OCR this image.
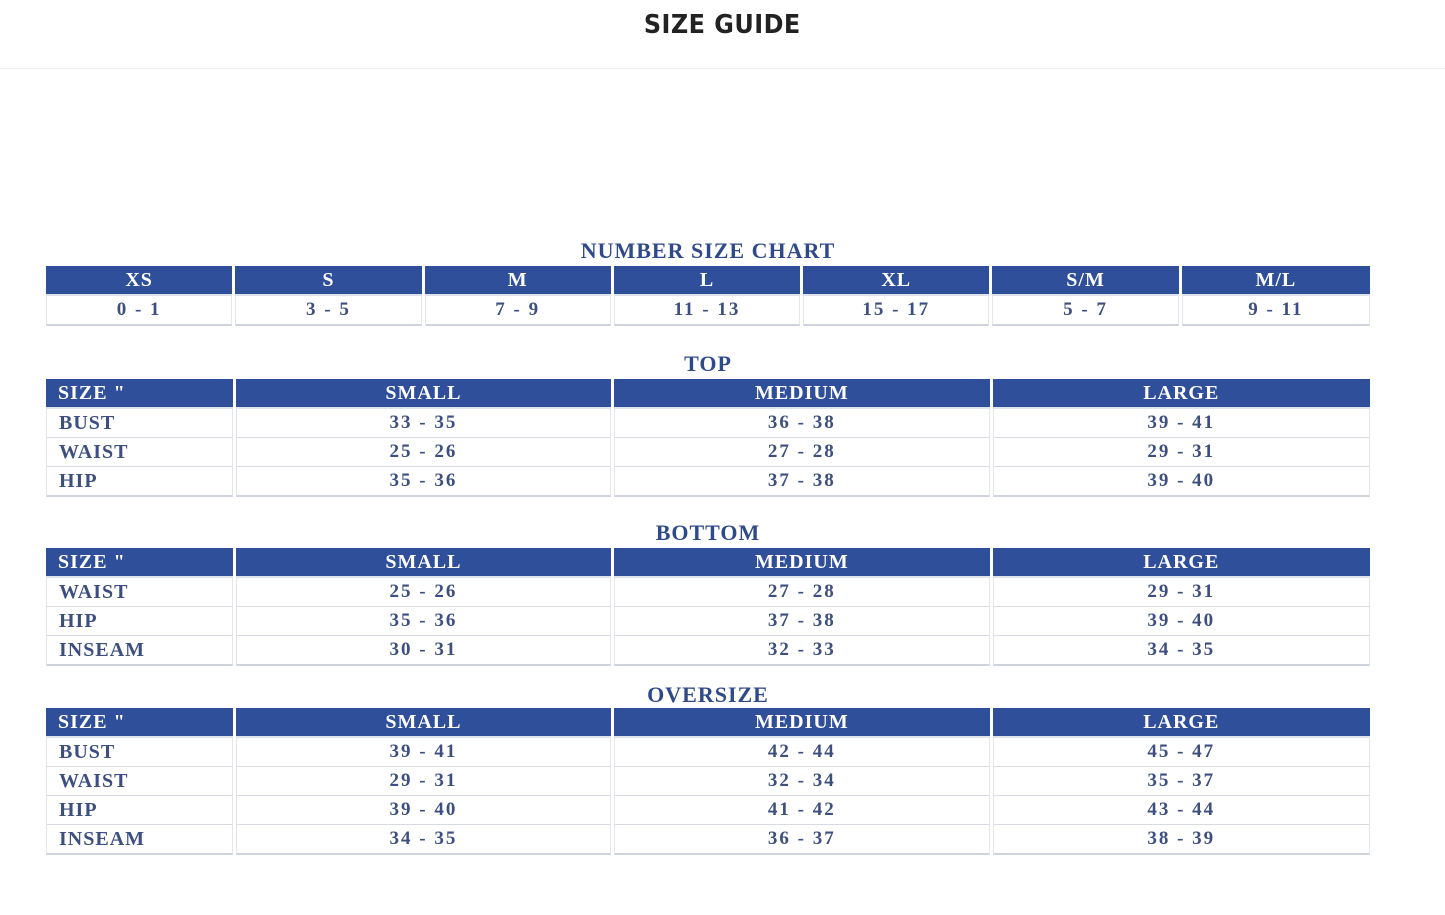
SIZE GUIDE
NUMBER SIZE CHART
XS	S	M	L	XL	S/M	M/L
0 - 1	3 - 5	7 - 9	11 - 13	15 - 17	5 - 7	9 - 11
TOP
SIZE "	SMALL	MEDIUM	LARGE
BUST	33 - 35	36 - 38	39 - 41
WAIST	25 - 26	27 - 28	29 - 31
HIP	35 - 36	37 - 38	39 - 40
BOTTOM
SIZE "	SMALL	MEDIUM	LARGE
WAIST	25 - 26	27 - 28	29 - 31
HIP	35 - 36	37 - 38	39 - 40
INSEAM	30 - 31	32 - 33	34 - 35
OVERSIZE
SIZE "	SMALL	MEDIUM	LARGE
BUST	39 - 41	42 - 44	45 - 47
WAIST	29 - 31	32 - 34	35 - 37
HIP	39 - 40	41 - 42	43 - 44
INSEAM	34 - 35	36 - 37	38 - 39
